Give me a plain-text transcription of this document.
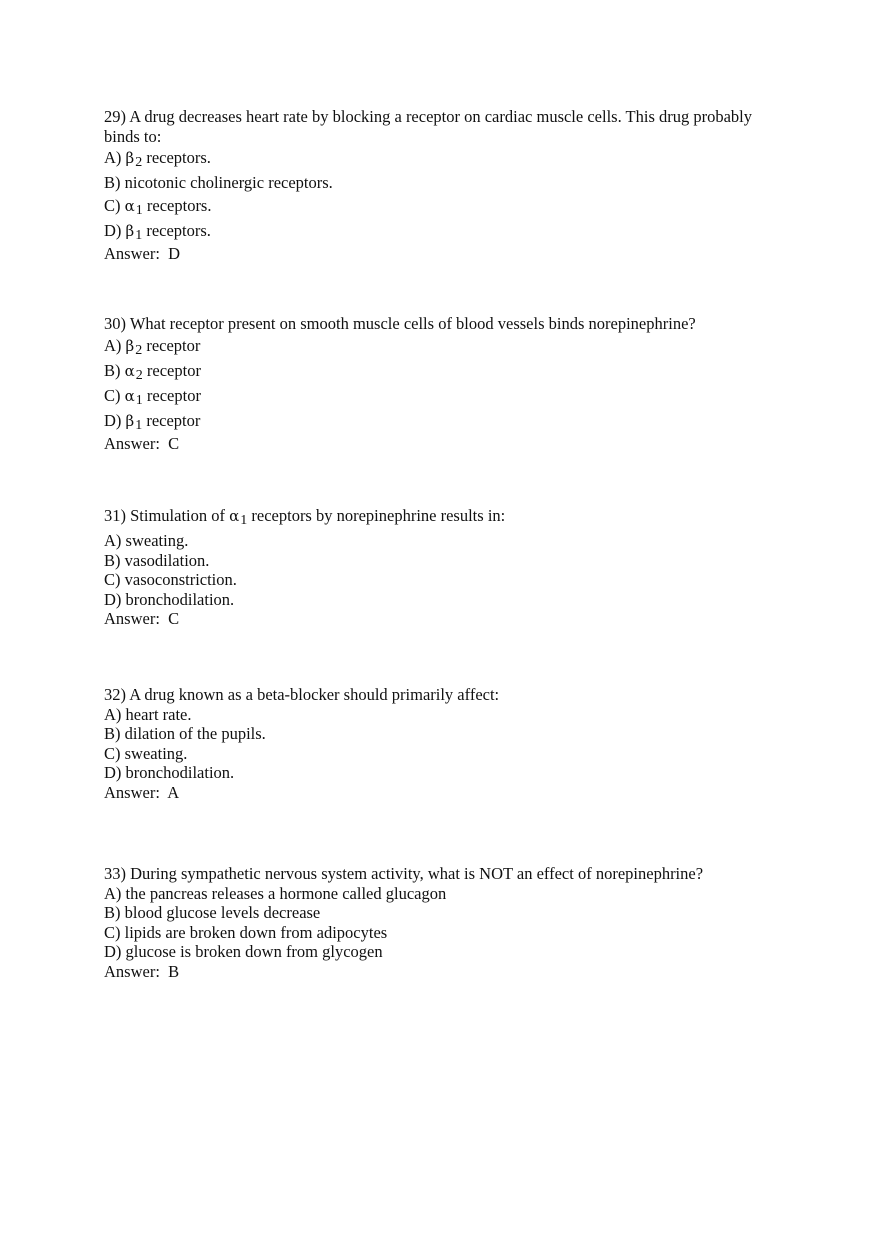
29) A drug decreases heart rate by blocking a receptor on cardiac muscle cells. This drug probably binds to:

A) β2 receptors.

B) nicotonic cholinergic receptors.

C) α1 receptors.

D) β1 receptors.

Answer: D

30) What receptor present on smooth muscle cells of blood vessels binds norepinephrine?

A) β2 receptor

B) α2 receptor

C) α1 receptor

D) β1 receptor

Answer: C

31) Stimulation of α1 receptors by norepinephrine results in:

A) sweating.

B) vasodilation.

C) vasoconstriction.

D) bronchodilation.

Answer: C

32) A drug known as a beta-blocker should primarily affect:

A) heart rate.

B) dilation of the pupils.

C) sweating.

D) bronchodilation.

Answer: A

33) During sympathetic nervous system activity, what is NOT an effect of norepinephrine?

A) the pancreas releases a hormone called glucagon

B) blood glucose levels decrease

C) lipids are broken down from adipocytes

D) glucose is broken down from glycogen

Answer: B
